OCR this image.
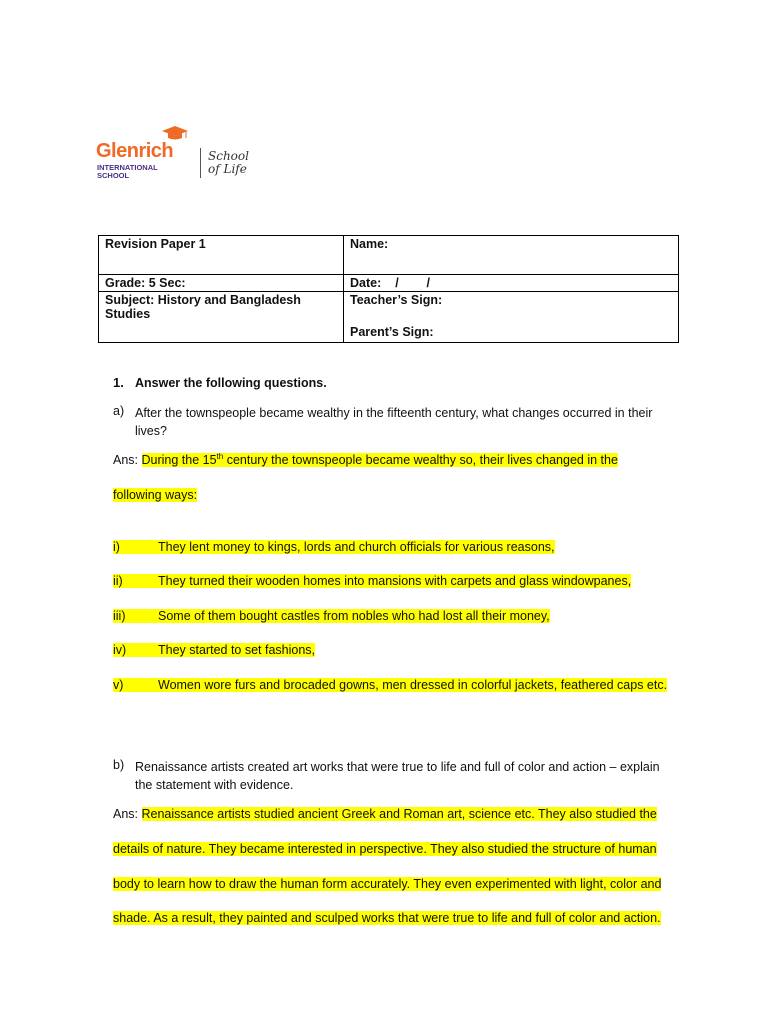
Glenrich
INTERNATIONAL
SCHOOL
School
of Life
Revision Paper 1	Name:
Grade: 5 Sec:	Date: /        /
Subject: History and Bangladesh Studies	Teacher’s Sign:
Parent’s Sign:
1. Answer the following questions.
a) After the townspeople became wealthy in the fifteenth century, what changes occurred in their lives?
Ans: During the 15th century the townspeople became wealthy so, their lives changed in the
following ways:
i)	They lent money to kings, lords and church officials for various reasons,
ii)	They turned their wooden homes into mansions with carpets and glass windowpanes,
iii)	Some of them bought castles from nobles who had lost all their money,
iv)	They started to set fashions,
v)	Women wore furs and brocaded gowns, men dressed in colorful jackets, feathered caps etc.
b) Renaissance artists created art works that were true to life and full of color and action – explain the statement with evidence.
Ans: Renaissance artists studied ancient Greek and Roman art, science etc. They also studied the
details of nature. They became interested in perspective. They also studied the structure of human
body to learn how to draw the human form accurately. They even experimented with light, color and
shade. As a result, they painted and sculped works that were true to life and full of color and action.
